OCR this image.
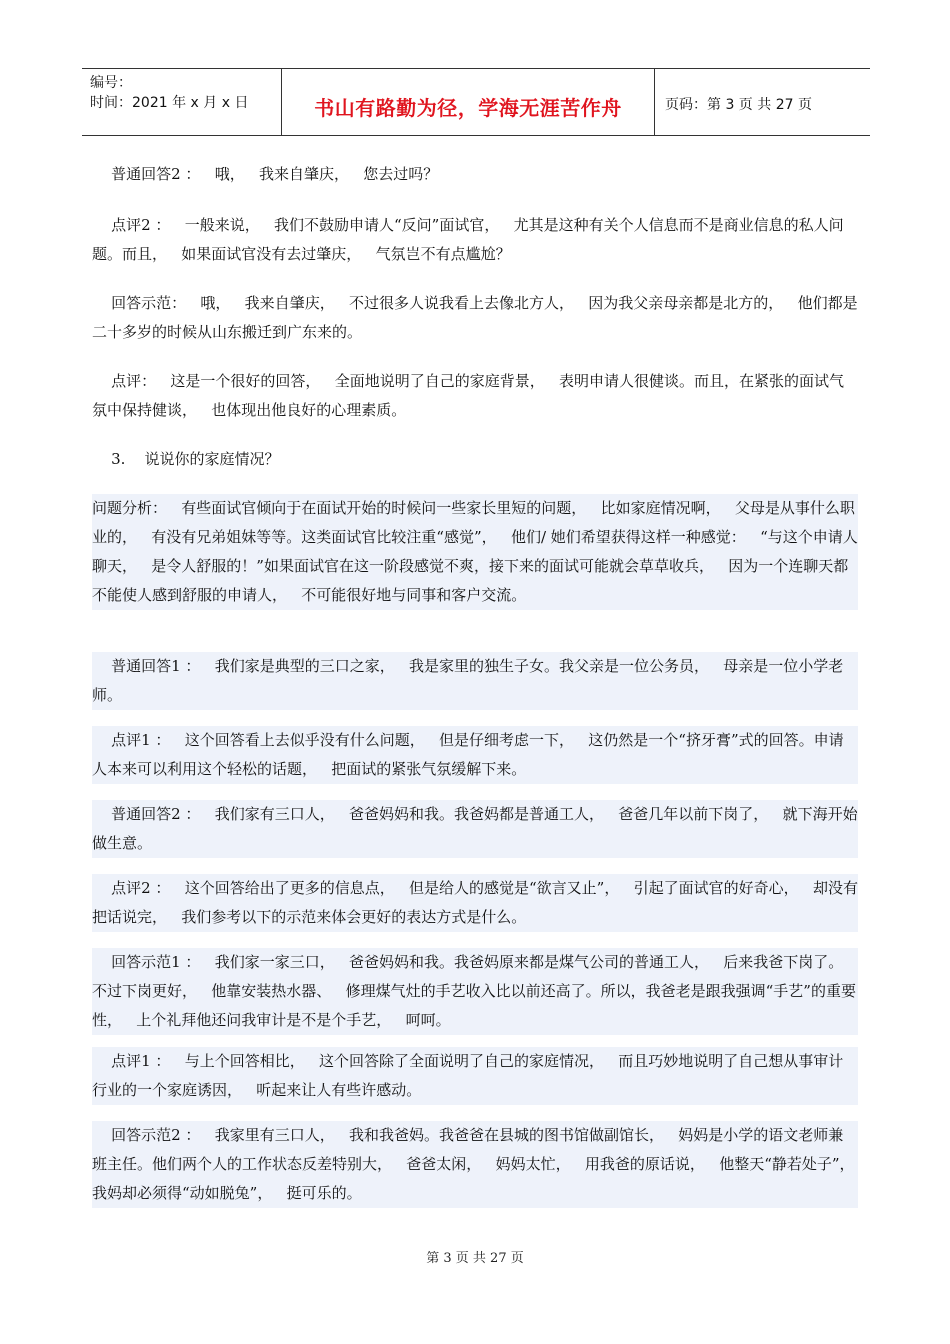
编号：
时间：2021 年 x 月 x 日	书山有路勤为径，学海无涯苦作舟	页码：第 3 页 共 27 页

普通回答2 ：   哦，   我来自肇庆，   您去过吗？

点评2 ：   一般来说，   我们不鼓励申请人“反问”面试官，   尤其是这种有关个人信息而不是商业信息的私人问题。而且，   如果面试官没有去过肇庆，   气氛岂不有点尴尬？

回答示范：   哦，   我来自肇庆，   不过很多人说我看上去像北方人，   因为我父亲母亲都是北方的，   他们都是二十多岁的时候从山东搬迁到广东来的。

点评：   这是一个很好的回答，   全面地说明了自己的家庭背景，   表明申请人很健谈。而且，在紧张的面试气氛中保持健谈，   也体现出他良好的心理素质。

3.    说说你的家庭情况？

问题分析：   有些面试官倾向于在面试开始的时候问一些家长里短的问题，   比如家庭情况啊，   父母是从事什么职业的，   有没有兄弟姐妹等等。这类面试官比较注重“感觉”，   他们/ 她们希望获得这样一种感觉：   “与这个申请人聊天，   是令人舒服的！”如果面试官在这一阶段感觉不爽，接下来的面试可能就会草草收兵，   因为一个连聊天都不能使人感到舒服的申请人，   不可能很好地与同事和客户交流。

普通回答1 ：   我们家是典型的三口之家，   我是家里的独生子女。我父亲是一位公务员，   母亲是一位小学老师。

点评1 ：   这个回答看上去似乎没有什么问题，   但是仔细考虑一下，   这仍然是一个“挤牙膏”式的回答。申请人本来可以利用这个轻松的话题，   把面试的紧张气氛缓解下来。

普通回答2 ：   我们家有三口人，   爸爸妈妈和我。我爸妈都是普通工人，   爸爸几年以前下岗了，   就下海开始做生意。

点评2 ：   这个回答给出了更多的信息点，   但是给人的感觉是“欲言又止”，   引起了面试官的好奇心，   却没有把话说完，   我们参考以下的示范来体会更好的表达方式是什么。

回答示范1 ：   我们家一家三口，   爸爸妈妈和我。我爸妈原来都是煤气公司的普通工人，   后来我爸下岗了。不过下岗更好，   他靠安装热水器、   修理煤气灶的手艺收入比以前还高了。所以，我爸老是跟我强调“手艺”的重要性，   上个礼拜他还问我审计是不是个手艺，   呵呵。

点评1 ：   与上个回答相比，   这个回答除了全面说明了自己的家庭情况，   而且巧妙地说明了自己想从事审计行业的一个家庭诱因，   听起来让人有些许感动。

回答示范2 ：   我家里有三口人，   我和我爸妈。我爸爸在县城的图书馆做副馆长，   妈妈是小学的语文老师兼班主任。他们两个人的工作状态反差特别大，   爸爸太闲，   妈妈太忙，   用我爸的原话说，   他整天“静若处子”，   我妈却必须得“动如脱兔”，   挺可乐的。

第 3 页 共 27 页
